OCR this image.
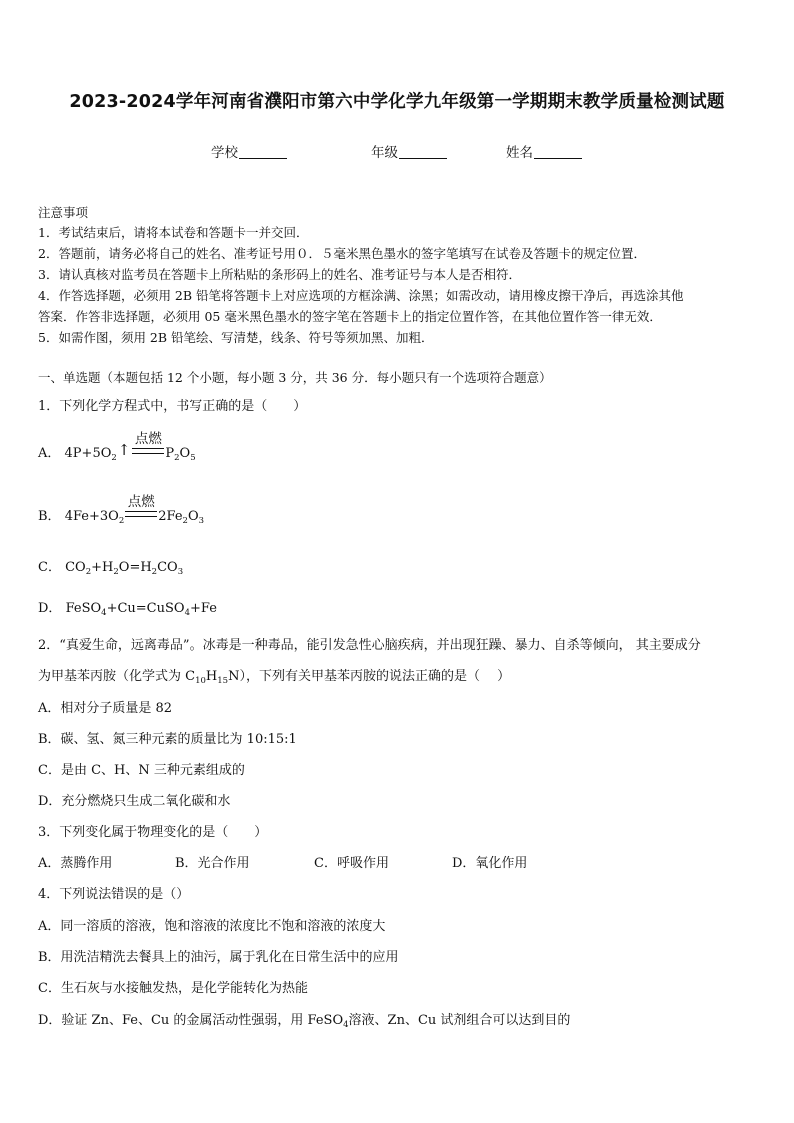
2023-2024学年河南省濮阳市第六中学化学九年级第一学期期末教学质量检测试题
学校	年级	姓名
注意事项
1．考试结束后，请将本试卷和答题卡一并交回．
2．答题前，请务必将自己的姓名、准考证号用０．５毫米黑色墨水的签字笔填写在试卷及答题卡的规定位置．
3．请认真核对监考员在答题卡上所粘贴的条形码上的姓名、准考证号与本人是否相符．
4．作答选择题，必须用 2B 铅笔将答题卡上对应选项的方框涂满、涂黑；如需改动，请用橡皮擦干净后，再选涂其他
答案．作答非选择题，必须用 05 毫米黑色墨水的签字笔在答题卡上的指定位置作答，在其他位置作答一律无效．
5．如需作图，须用 2B 铅笔绘、写清楚，线条、符号等须加黑、加粗．
一、单选题（本题包括 12 个小题，每小题 3 分，共 36 分．每小题只有一个选项符合题意）
1．下列化学方程式中，书写正确的是（　　）
A． $4P+5O_2↑$
点燃
$P_2O_5$
B． $4Fe+3O_2$
点燃
$2Fe_2O_3$
C． $CO_2+H_2O=H_2CO_3$
D． FeSO$_4$+Cu=CuSO$_4$+Fe
2．“真爱生命，远离毒品”。冰毒是一种毒品，能引发急性心脑疾病，并出现狂躁、暴力、自杀等倾向， 其主要成分
为甲基苯丙胺（化学式为 $C_{10}H_{15}N$），下列有关甲基苯丙胺的说法正确的是（　 ）
A．相对分子质量是 82
B．碳、氢、氮三种元素的质量比为 10:15:1
C．是由 C、H、N 三种元素组成的
D．充分燃烧只生成二氧化碳和水
3．下列变化属于物理变化的是（　　）
A．蒸腾作用	B．光合作用	C．呼吸作用	D．氧化作用
4．下列说法错误的是（）
A．同一溶质的溶液，饱和溶液的浓度比不饱和溶液的浓度大
B．用洗洁精洗去餐具上的油污，属于乳化在日常生活中的应用
C．生石灰与水接触发热，是化学能转化为热能
D．验证 Zn、Fe、Cu 的金属活动性强弱，用 FeSO$_4$溶液、Zn、Cu 试剂组合可以达到目的
